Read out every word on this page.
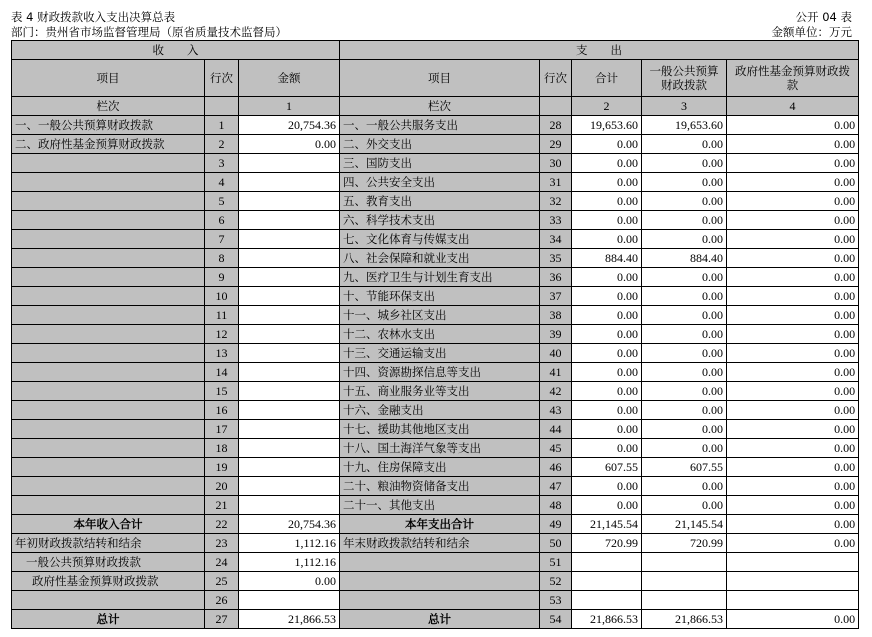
表 4 财政拨款收入支出决算总表	公开 04 表
部门：贵州省市场监督管理局（原省质量技术监督局）	金额单位：万元
收　　入			支　　出				
项目	行次	金额	项目	行次	合计	一般公共预算财政拨款	政府性基金预算财政拨款
栏次		1	栏次		2	3	4
一、一般公共预算财政拨款	1	20,754.36	一、一般公共服务支出	28	19,653.60	19,653.60	0.00
二、政府性基金预算财政拨款	2	0.00	二、外交支出	29	0.00	0.00	0.00
	3		三、国防支出	30	0.00	0.00	0.00
	4		四、公共安全支出	31	0.00	0.00	0.00
	5		五、教育支出	32	0.00	0.00	0.00
	6		六、科学技术支出	33	0.00	0.00	0.00
	7		七、文化体育与传媒支出	34	0.00	0.00	0.00
	8		八、社会保障和就业支出	35	884.40	884.40	0.00
	9		九、医疗卫生与计划生育支出	36	0.00	0.00	0.00
	10		十、节能环保支出	37	0.00	0.00	0.00
	11		十一、城乡社区支出	38	0.00	0.00	0.00
	12		十二、农林水支出	39	0.00	0.00	0.00
	13		十三、交通运输支出	40	0.00	0.00	0.00
	14		十四、资源勘探信息等支出	41	0.00	0.00	0.00
	15		十五、商业服务业等支出	42	0.00	0.00	0.00
	16		十六、金融支出	43	0.00	0.00	0.00
	17		十七、援助其他地区支出	44	0.00	0.00	0.00
	18		十八、国土海洋气象等支出	45	0.00	0.00	0.00
	19		十九、住房保障支出	46	607.55	607.55	0.00
	20		二十、粮油物资储备支出	47	0.00	0.00	0.00
	21		二十一、其他支出	48	0.00	0.00	0.00
本年收入合计	22	20,754.36	本年支出合计	49	21,145.54	21,145.54	0.00
年初财政拨款结转和结余	23	1,112.16	年末财政拨款结转和结余	50	720.99	720.99	0.00
一般公共预算财政拨款	24	1,112.16		51			
政府性基金预算财政拨款	25	0.00		52			
	26			53			
总计	27	21,866.53	总计	54	21,866.53	21,866.53	0.00
